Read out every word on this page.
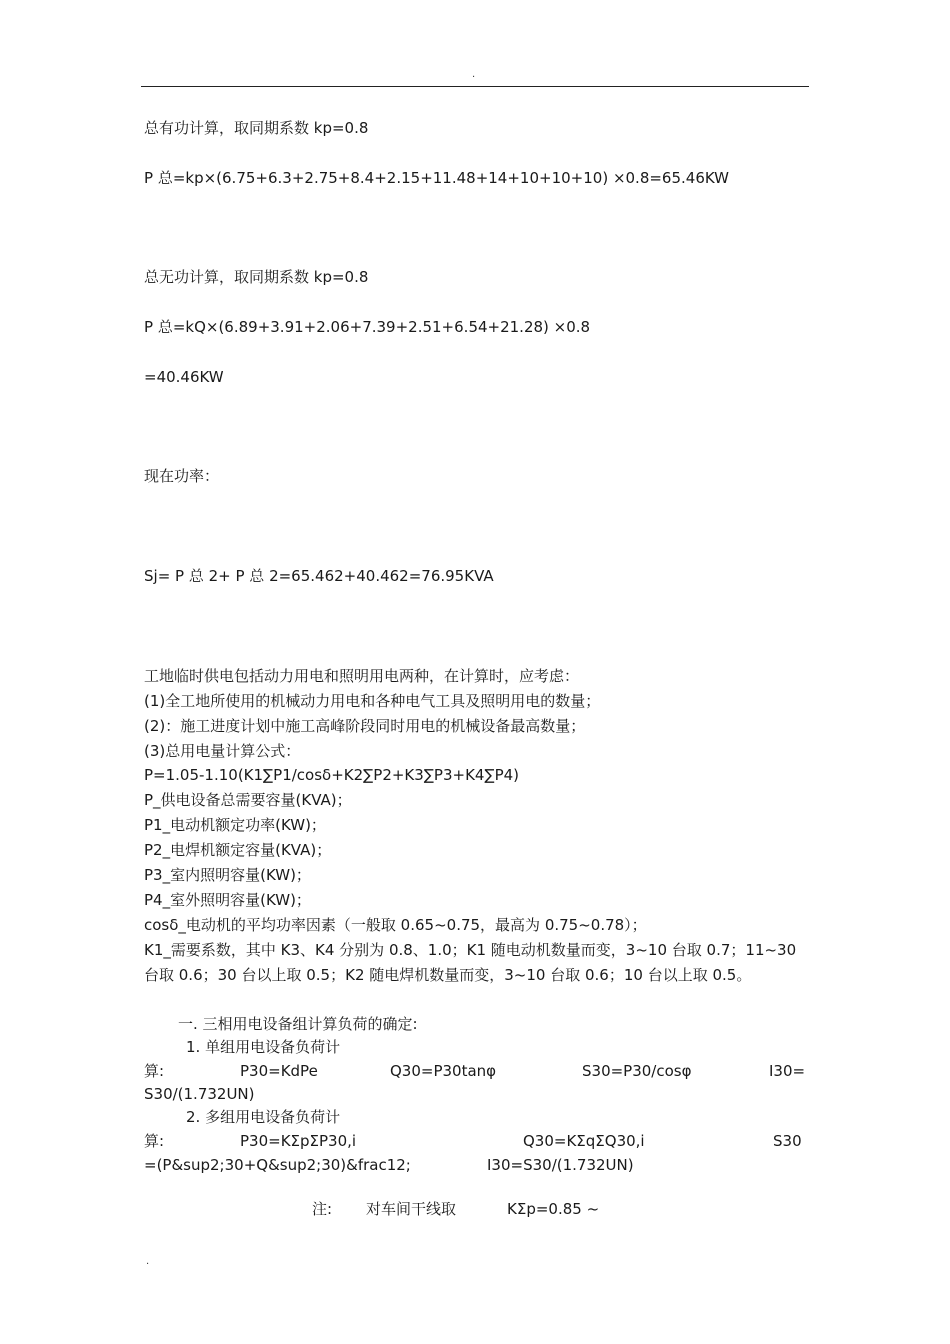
.
总有功计算，取同期系数 kp=0.8
P 总=kp×(6.75+6.3+2.75+8.4+2.15+11.48+14+10+10+10) ×0.8=65.46KW
总无功计算，取同期系数 kp=0.8
P 总=kQ×(6.89+3.91+2.06+7.39+2.51+6.54+21.28) ×0.8
=40.46KW
现在功率：
Sj= P 总 2+ P 总 2=65.462+40.462=76.95KVA
工地临时供电包括动力用电和照明用电两种，在计算时，应考虑：
(1)全工地所使用的机械动力用电和各种电气工具及照明用电的数量；
(2)：施工进度计划中施工高峰阶段同时用电的机械设备最高数量；
(3)总用电量计算公式：
P=1.05-1.10(K1∑P1/cosδ+K2∑P2+K3∑P3+K4∑P4)
P_供电设备总需要容量(KVA)；
P1_电动机额定功率(KW)；
P2_电焊机额定容量(KVA)；
P3_室内照明容量(KW)；
P4_室外照明容量(KW)；
cosδ_电动机的平均功率因素（一般取 0.65~0.75，最高为 0.75~0.78）；
K1_需要系数，其中 K3、K4 分别为 0.8、1.0；K1 随电动机数量而变，3~10 台取 0.7；11~30
台取 0.6；30 台以上取 0.5；K2 随电焊机数量而变，3~10 台取 0.6；10 台以上取 0.5。
一. 三相用电设备组计算负荷的确定:
1. 单组用电设备负荷计
算:	P30=KdPe	Q30=P30tanφ	S30=P30/cosφ	I30=
S30/(1.732UN)
2. 多组用电设备负荷计
算:	P30=KΣpΣP30,i	Q30=KΣqΣQ30,i	S30
=(P&sup2;30+Q&sup2;30)&frac12;	I30=S30/(1.732UN)
注: 对车间干线取	KΣp=0.85 ~
.
